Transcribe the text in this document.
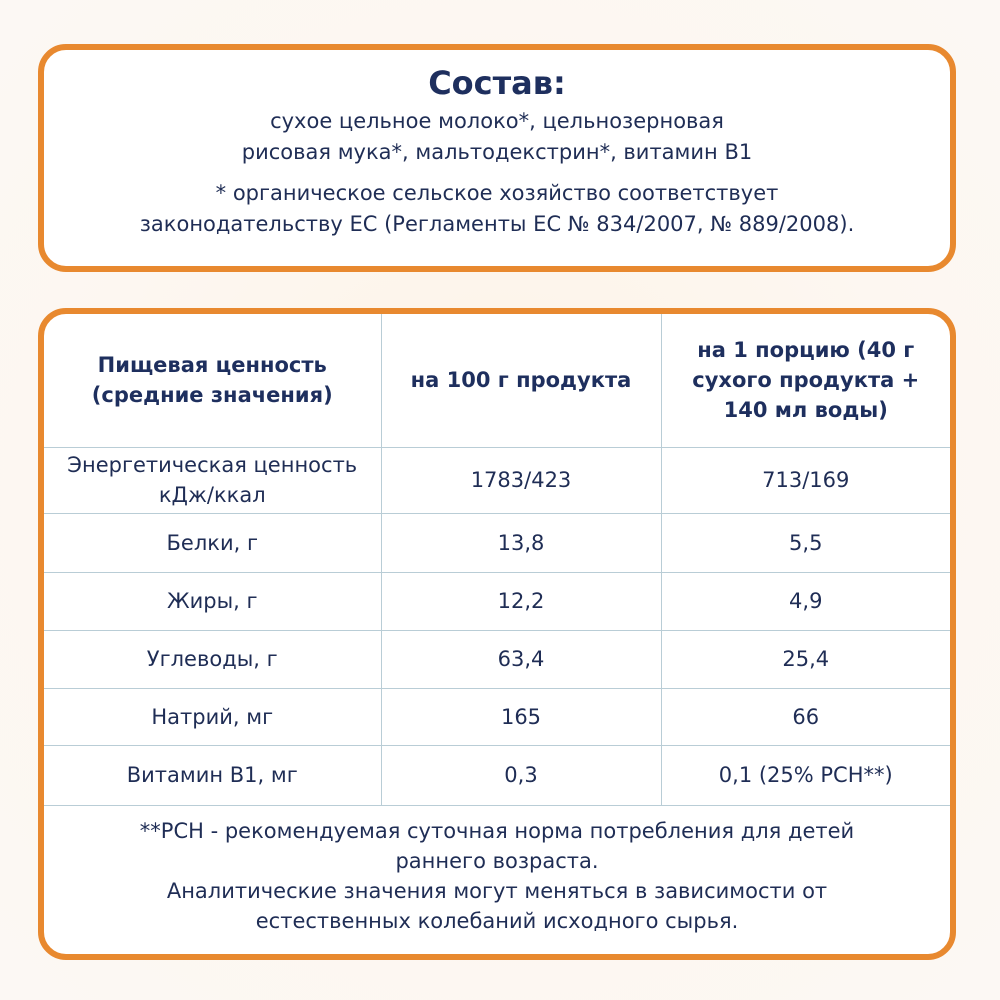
Состав:

сухое цельное молоко*, цельнозерновая

рисовая мука*, мальтодекстрин*, витамин В1

* органическое сельское хозяйство соответствует

законодательству ЕС (Регламенты ЕС № 834/2007, № 889/2008).

Пищевая ценность (средние значения)	на 100 г продукта	на 1 порцию (40 г сухого продукта + 140 мл воды)
Энергетическая ценность кДж/ккал	1783/423	713/169
Белки, г	13,8	5,5
Жиры, г	12,2	4,9
Углеводы, г	63,4	25,4
Натрий, мг	165	66
Витамин В1, мг	0,3	0,1 (25% РСН**)

**РСН - рекомендуемая суточная норма потребления для детей раннего возраста.

Аналитические значения могут меняться в зависимости от естественных колебаний исходного сырья.
